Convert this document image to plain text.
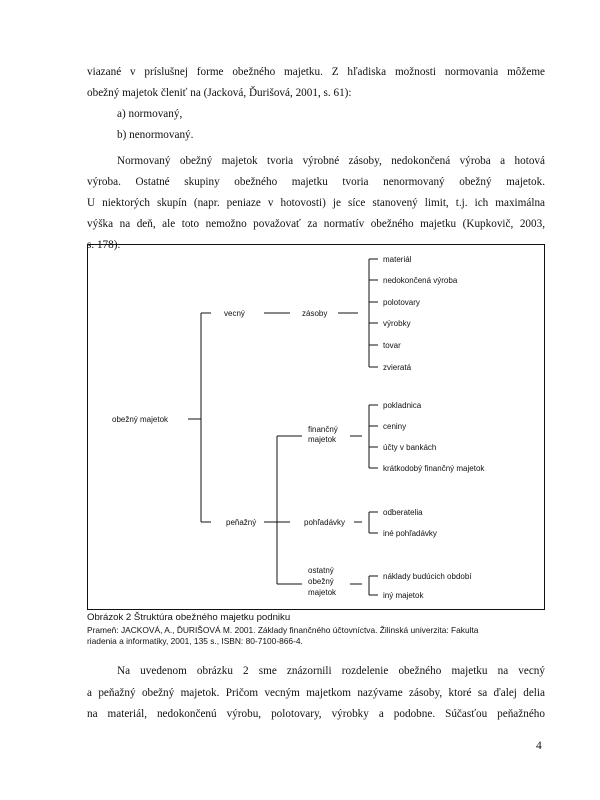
viazané v príslušnej forme obežného majetku. Z hľadiska možnosti normovania môžeme
obežný majetok členiť na (Jacková, Ďurišová, 2001, s. 61):
a) normovaný,
b) nenormovaný.
Normovaný obežný majetok tvoria výrobné zásoby, nedokončená výroba a hotová
výroba. Ostatné skupiny obežného majetku tvoria nenormovaný obežný majetok.
U niektorých skupín (napr. peniaze v hotovosti) je síce stanovený limit, t.j. ich maximálna
výška na deň, ale toto nemožno považovať za normatív obežného majetku (Kupkovič, 2003,
s. 178).
obežný majetok
vecný	zásoby
materiál
nedokončená výroba
polotovary
výrobky
tovar
zvieratá
peňažný
finančný
majetok
pokladnica
ceniny
účty v bankách
krátkodobý finančný majetok
pohľadávky
odberatelia
iné pohľadávky
ostatný
obežný
majetok
náklady budúcich období
iný majetok
Obrázok 2 Štruktúra obežného majetku podniku
Prameň: JACKOVÁ, A., ĎURIŠOVÁ M. 2001. Základy finančného účtovníctva. Žilinská univerzita: Fakulta
riadenia a informatiky, 2001, 135 s., ISBN: 80-7100-866-4.
Na uvedenom obrázku 2 sme znázornili rozdelenie obežného majetku na vecný
a peňažný obežný majetok. Pričom vecným majetkom nazývame zásoby, ktoré sa ďalej delia
na materiál, nedokončenú výrobu, polotovary, výrobky a podobne. Súčasťou peňažného
4
